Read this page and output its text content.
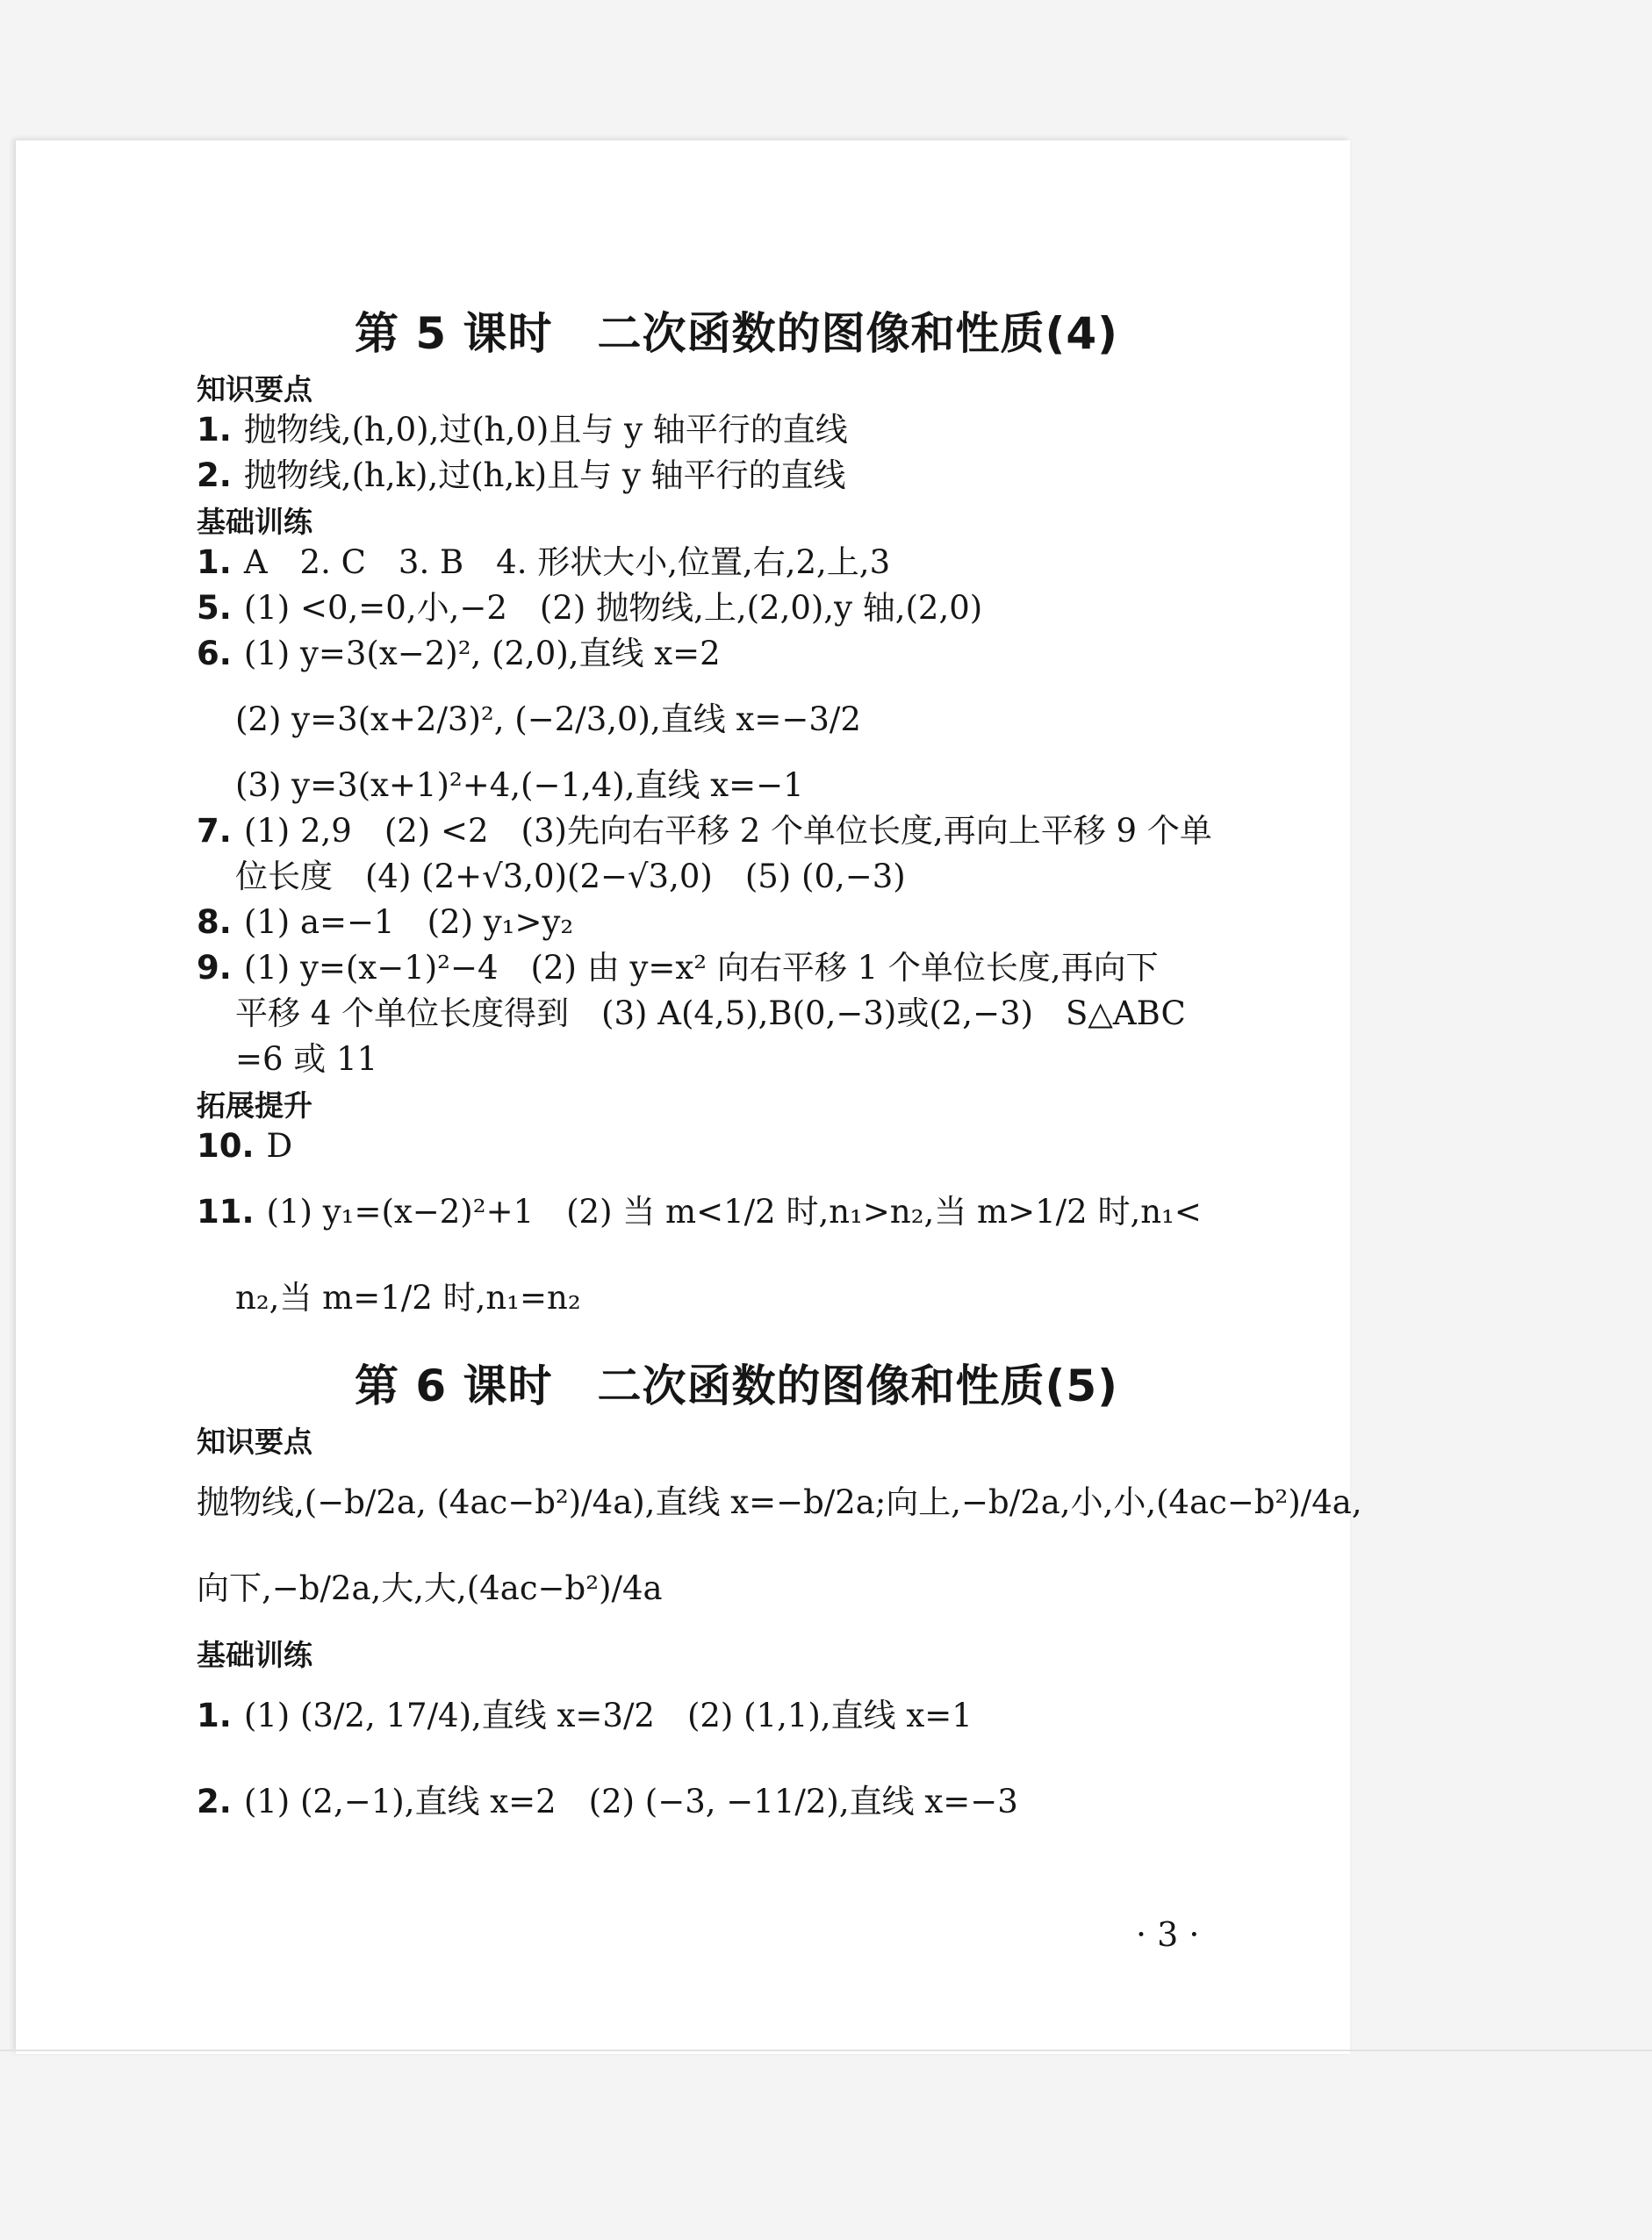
第 5 课时　二次函数的图像和性质(4)
知识要点
1. 抛物线,(h,0),过(h,0)且与 y 轴平行的直线
2. 抛物线,(h,k),过(h,k)且与 y 轴平行的直线
基础训练
1. A　2. C　3. B　4. 形状大小,位置,右,2,上,3
5. (1) <0,=0,小,−2　(2) 抛物线,上,(2,0),y 轴,(2,0)
6. (1) y=3(x−2)², (2,0),直线 x=2
(2) y=3(x+2/3)², (−2/3,0),直线 x=−3/2
(3) y=3(x+1)²+4,(−1,4),直线 x=−1
7. (1) 2,9　(2) <2　(3)先向右平移 2 个单位长度,再向上平移 9 个单
位长度　(4) (2+√3,0)(2−√3,0)　(5) (0,−3)
8. (1) a=−1　(2) y₁>y₂
9. (1) y=(x−1)²−4　(2) 由 y=x² 向右平移 1 个单位长度,再向下
平移 4 个单位长度得到　(3) A(4,5),B(0,−3)或(2,−3)　S△ABC
=6 或 11
拓展提升
10. D
11. (1) y₁=(x−2)²+1　(2) 当 m<1/2 时,n₁>n₂,当 m>1/2 时,n₁<
n₂,当 m=1/2 时,n₁=n₂
第 6 课时　二次函数的图像和性质(5)
知识要点
抛物线,(−b/2a, (4ac−b²)/4a),直线 x=−b/2a;向上,−b/2a,小,小,(4ac−b²)/4a,
向下,−b/2a,大,大,(4ac−b²)/4a
基础训练
1. (1) (3/2, 17/4),直线 x=3/2　(2) (1,1),直线 x=1
2. (1) (2,−1),直线 x=2　(2) (−3, −11/2),直线 x=−3
· 3 ·
